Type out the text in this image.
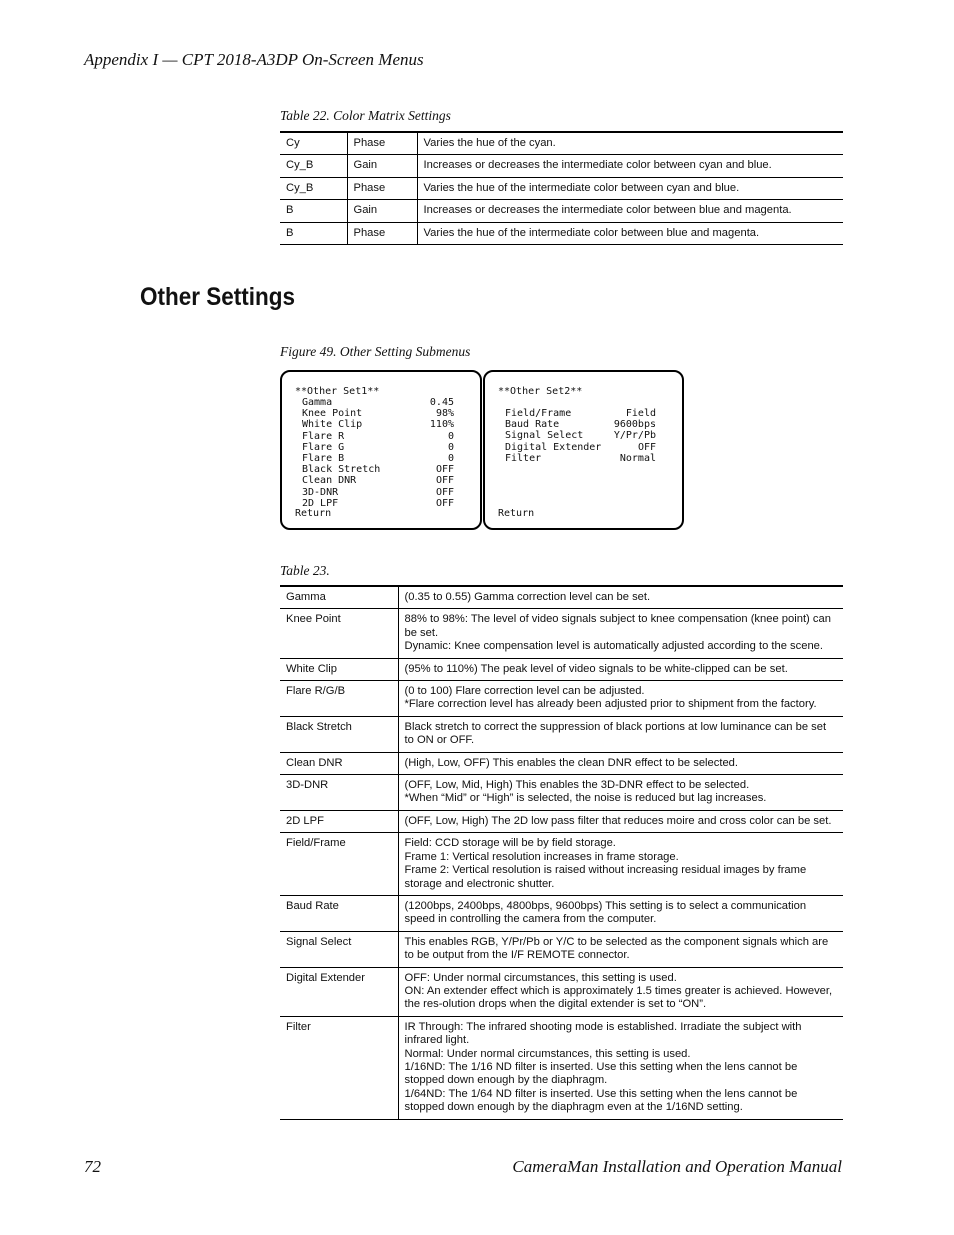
Appendix I — CPT 2018-A3DP On-Screen Menus
Table 22. Color Matrix Settings
Cy	Phase	Varies the hue of the cyan.
Cy_B	Gain	Increases or decreases the intermediate color between cyan and blue.
Cy_B	Phase	Varies the hue of the intermediate color between cyan and blue.
B	Gain	Increases or decreases the intermediate color between blue and magenta.
B	Phase	Varies the hue of the intermediate color between blue and magenta.
Other Settings
Figure 49. Other Setting Submenus
**Other Set1**
Gamma	0.45
Knee Point	98%
White Clip	110%
Flare R	0
Flare G	0
Flare B	0
Black Stretch	OFF
Clean DNR	OFF
3D-DNR	OFF
2D LPF	OFF
Return
**Other Set2**
Field/Frame	Field
Baud Rate	9600bps
Signal Select	Y/Pr/Pb
Digital Extender	OFF
Filter	Normal
Return
Table 23.
Gamma	(0.35 to 0.55) Gamma correction level can be set.

Knee Point	88% to 98%: The level of video signals subject to knee compensation (knee point) can be set.
Dynamic: Knee compensation level is automatically adjusted according to the scene.

White Clip	(95% to 110%) The peak level of video signals to be white-clipped can be set.

Flare R/G/B	(0 to 100) Flare correction level can be adjusted.
*Flare correction level has already been adjusted prior to shipment from the factory.

Black Stretch	Black stretch to correct the suppression of black portions at low luminance can be set to ON or OFF.

Clean DNR	(High, Low, OFF) This enables the clean DNR effect to be selected.

3D-DNR	(OFF, Low, Mid, High) This enables the 3D-DNR effect to be selected.
*When “Mid” or “High” is selected, the noise is reduced but lag increases.

2D LPF	(OFF, Low, High) The 2D low pass filter that reduces moire and cross color can be set.

Field/Frame	Field: CCD storage will be by field storage.
Frame 1: Vertical resolution increases in frame storage.
Frame 2: Vertical resolution is raised without increasing residual images by frame storage and electronic shutter.

Baud Rate	(1200bps, 2400bps, 4800bps, 9600bps) This setting is to select a communication speed in controlling the camera from the computer.

Signal Select	This enables RGB, Y/Pr/Pb or Y/C to be selected as the component signals which are to be output from the I/F REMOTE connector.

Digital Extender	OFF: Under normal circumstances, this setting is used.
ON: An extender effect which is approximately 1.5 times greater is achieved. However, the res-olution drops when the digital extender is set to “ON”.

Filter	IR Through: The infrared shooting mode is established. Irradiate the subject with infrared light.
Normal: Under normal circumstances, this setting is used.
1/16ND: The 1/16 ND filter is inserted. Use this setting when the lens cannot be stopped down enough by the diaphragm.
1/64ND: The 1/64 ND filter is inserted. Use this setting when the lens cannot be stopped down enough by the diaphragm even at the 1/16ND setting.
72	CameraMan Installation and Operation Manual
